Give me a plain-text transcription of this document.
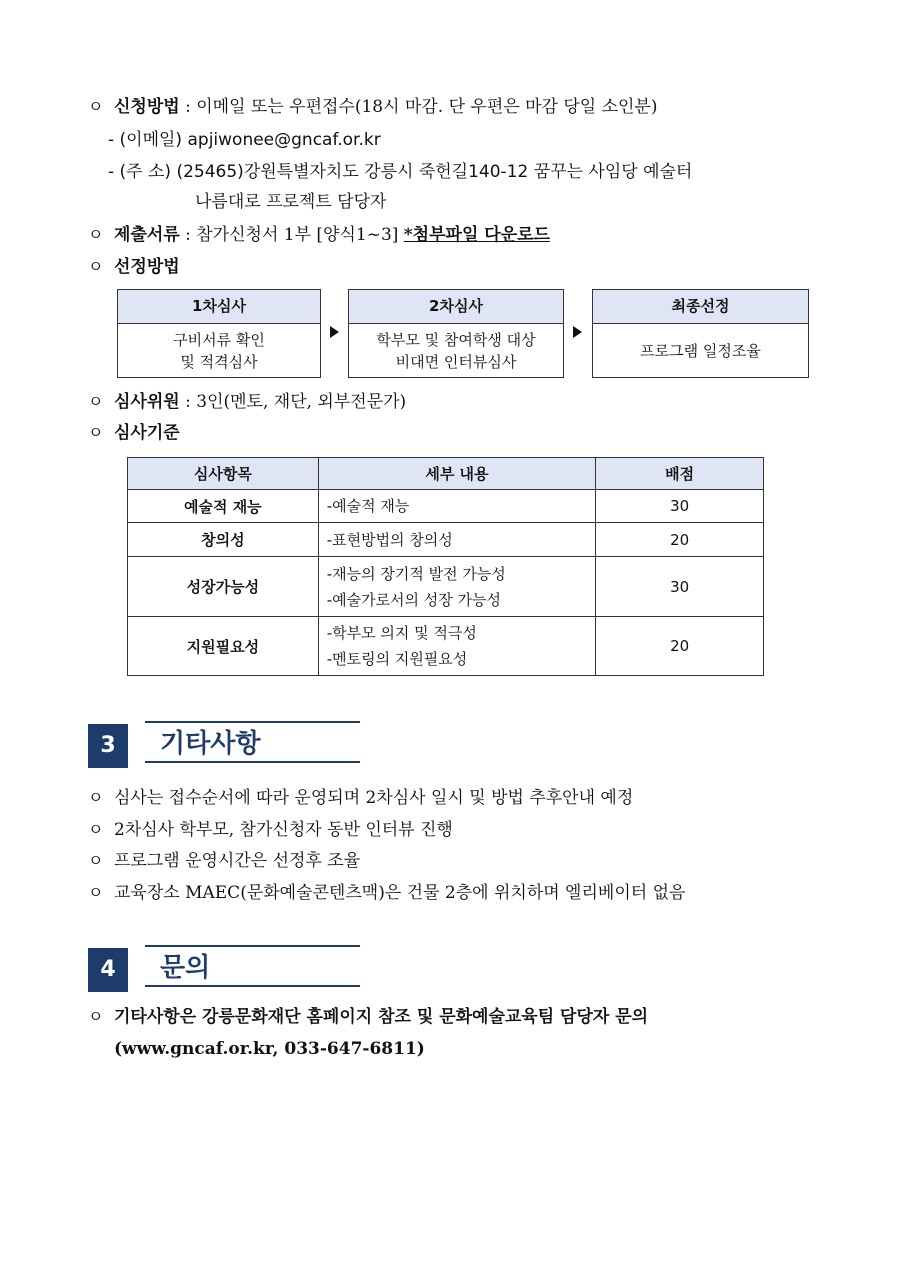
ㅇ 신청방법 : 이메일 또는 우편접수(18시 마감. 단 우편은 마감 당일 소인분)
- (이메일) apjiwonee@gncaf.or.kr
- (주 소) (25465)강원특별자치도 강릉시 죽헌길140-12 꿈꾸는 사임당 예술터
나름대로 프로젝트 담당자
ㅇ 제출서류 : 참가신청서 1부 [양식1~3] *첨부파일 다운로드
ㅇ 선정방법
1차심사
구비서류 확인
및 적격심사
2차심사
학부모 및 참여학생 대상
비대면 인터뷰심사
최종선정
프로그램 일정조율
ㅇ 심사위원 : 3인(멘토, 재단, 외부전문가)
ㅇ 심사기준
심사항목	세부 내용	배점
예술적 재능	-예술적 재능	30
창의성	-표현방법의 창의성	20
성장가능성	-재능의 장기적 발전 가능성
-예술가로서의 성장 가능성	30
지원필요성	-학부모 의지 및 적극성
-멘토링의 지원필요성	20
3	기타사항
ㅇ 심사는 접수순서에 따라 운영되며 2차심사 일시 및 방법 추후안내 예정
ㅇ 2차심사 학부모, 참가신청자 동반 인터뷰 진행
ㅇ 프로그램 운영시간은 선정후 조율
ㅇ 교육장소 MAEC(문화예술콘텐츠맥)은 건물 2층에 위치하며 엘리베이터 없음
4	문의
ㅇ 기타사항은 강릉문화재단 홈페이지 참조 및 문화예술교육팀 담당자 문의
(www.gncaf.or.kr, 033-647-6811)
